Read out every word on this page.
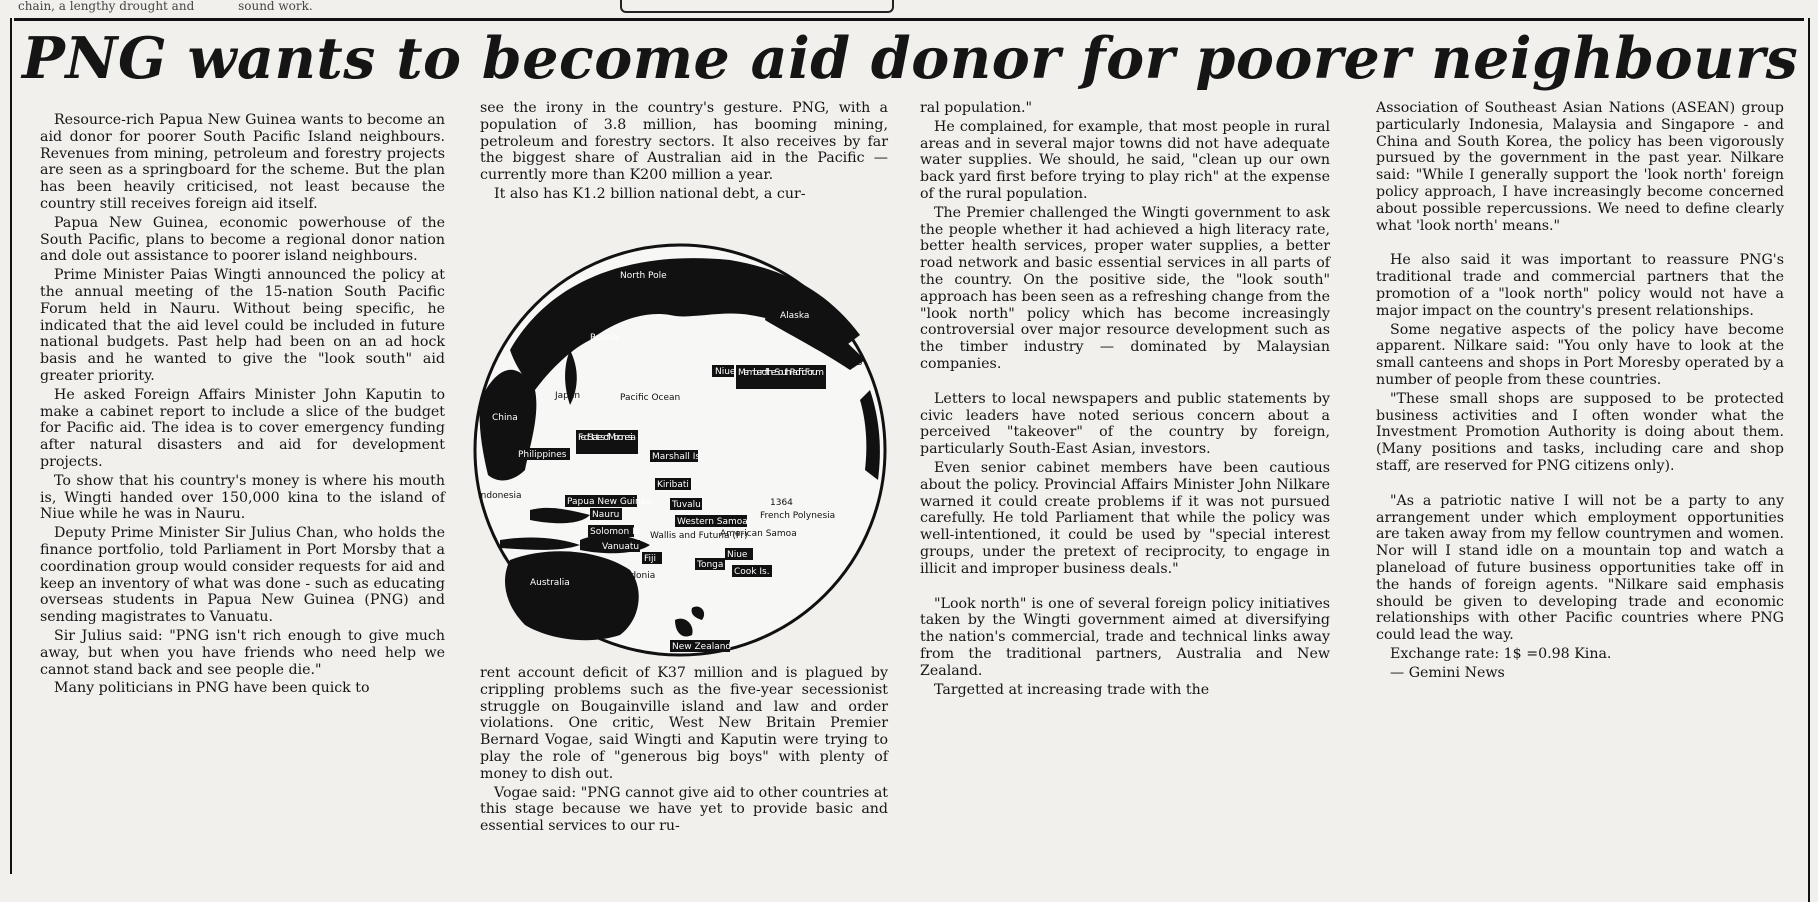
chain, a lengthy drought and	sound work.
PNG wants to become aid donor for poorer neighbours

Resource-rich Papua New Guinea wants to become an aid donor for poorer South Pacific Island neighbours. Revenues from mining, petroleum and forestry projects are seen as a springboard for the scheme. But the plan has been heavily criticised, not least because the country still receives foreign aid itself.

Papua New Guinea, economic powerhouse of the South Pacific, plans to become a regional donor nation and dole out assistance to poorer island neighbours.

Prime Minister Paias Wingti announced the policy at the annual meeting of the 15-nation South Pacific Forum held in Nauru. Without being specific, he indicated that the aid level could be included in future national budgets. Past help had been on an ad hock basis and he wanted to give the "look south" aid greater priority.

He asked Foreign Affairs Minister John Kaputin to make a cabinet report to include a slice of the budget for Pacific aid. The idea is to cover emergency funding after natural disasters and aid for development projects.

To show that his country's money is where his mouth is, Wingti handed over 150,000 kina to the island of Niue while he was in Nauru.

Deputy Prime Minister Sir Julius Chan, who holds the finance portfolio, told Parliament in Port Morsby that a coordination group would consider requests for aid and keep an inventory of what was done - such as educating overseas students in Papua New Guinea (PNG) and sending magistrates to Vanuatu.

Sir Julius said: "PNG isn't rich enough to give much away, but when you have friends who need help we cannot stand back and see people die."

Many politicians in PNG have been quick to

see the irony in the country's gesture. PNG, with a population of 3.8 million, has booming mining, petroleum and forestry sectors. It also receives by far the biggest share of Australian aid in the Pacific — currently more than K200 million a year.

It also has K1.2 billion national debt, a cur-

North Pole
Alaska
Russia
US
China
Japan	Pacific Ocean
Philippines
Fed States of Micronesia
Marshall Is.
Kiribati
Tuvalu
Papua New Guinea
Nauru
Solomon Is.
Western Samoa
French Polynesia
Indonesia
Vanuatu
Wallis and Futuna (Fr)
American Samoa
Niue
Fiji
Tonga
Cook Is.
New Caledonia
Australia
New Zealand
1364
Niue Member of the South Pacific Forum

rent account deficit of K37 million and is plagued by crippling problems such as the five-year secessionist struggle on Bougainville island and law and order violations. One critic, West New Britain Premier Bernard Vogae, said Wingti and Kaputin were trying to play the role of "generous big boys" with plenty of money to dish out.

Vogae said: "PNG cannot give aid to other countries at this stage because we have yet to provide basic and essential services to our ru-

ral population."

He complained, for example, that most people in rural areas and in several major towns did not have adequate water supplies. We should, he said, "clean up our own back yard first before trying to play rich" at the expense of the rural population.

The Premier challenged the Wingti government to ask the people whether it had achieved a high literacy rate, better health services, proper water supplies, a better road network and basic essential services in all parts of the country. On the positive side, the "look south" approach has been seen as a refreshing change from the "look north" policy which has become increasingly controversial over major resource development such as the timber industry — dominated by Malaysian companies.

Letters to local newspapers and public statements by civic leaders have noted serious concern about a perceived "takeover" of the country by foreign, particularly South-East Asian, investors.

Even senior cabinet members have been cautious about the policy. Provincial Affairs Minister John Nilkare warned it could create problems if it was not pursued carefully. He told Parliament that while the policy was well-intentioned, it could be used by "special interest groups, under the pretext of reciprocity, to engage in illicit and improper business deals."

"Look north" is one of several foreign policy initiatives taken by the Wingti government aimed at diversifying the nation's commercial, trade and technical links away from the traditional partners, Australia and New Zealand.

Targetted at increasing trade with the

Association of Southeast Asian Nations (ASEAN) group particularly Indonesia, Malaysia and Singapore - and China and South Korea, the policy has been vigorously pursued by the government in the past year. Nilkare said: "While I generally support the 'look north' foreign policy approach, I have increasingly become concerned about possible repercussions. We need to define clearly what 'look north' means."

He also said it was important to reassure PNG's traditional trade and commercial partners that the promotion of a "look north" policy would not have a major impact on the country's present relationships.

Some negative aspects of the policy have become apparent. Nilkare said: "You only have to look at the small canteens and shops in Port Moresby operated by a number of people from these countries.

"These small shops are supposed to be protected business activities and I often wonder what the Investment Promotion Authority is doing about them. (Many positions and tasks, including care and shop staff, are reserved for PNG citizens only).

"As a patriotic native I will not be a party to any arrangement under which employment opportunities are taken away from my fellow countrymen and women. Nor will I stand idle on a mountain top and watch a planeload of future business opportunities take off in the hands of foreign agents. "Nilkare said emphasis should be given to developing trade and economic relationships with other Pacific countries where PNG could lead the way.

Exchange rate: 1$ =0.98 Kina.

— Gemini News
